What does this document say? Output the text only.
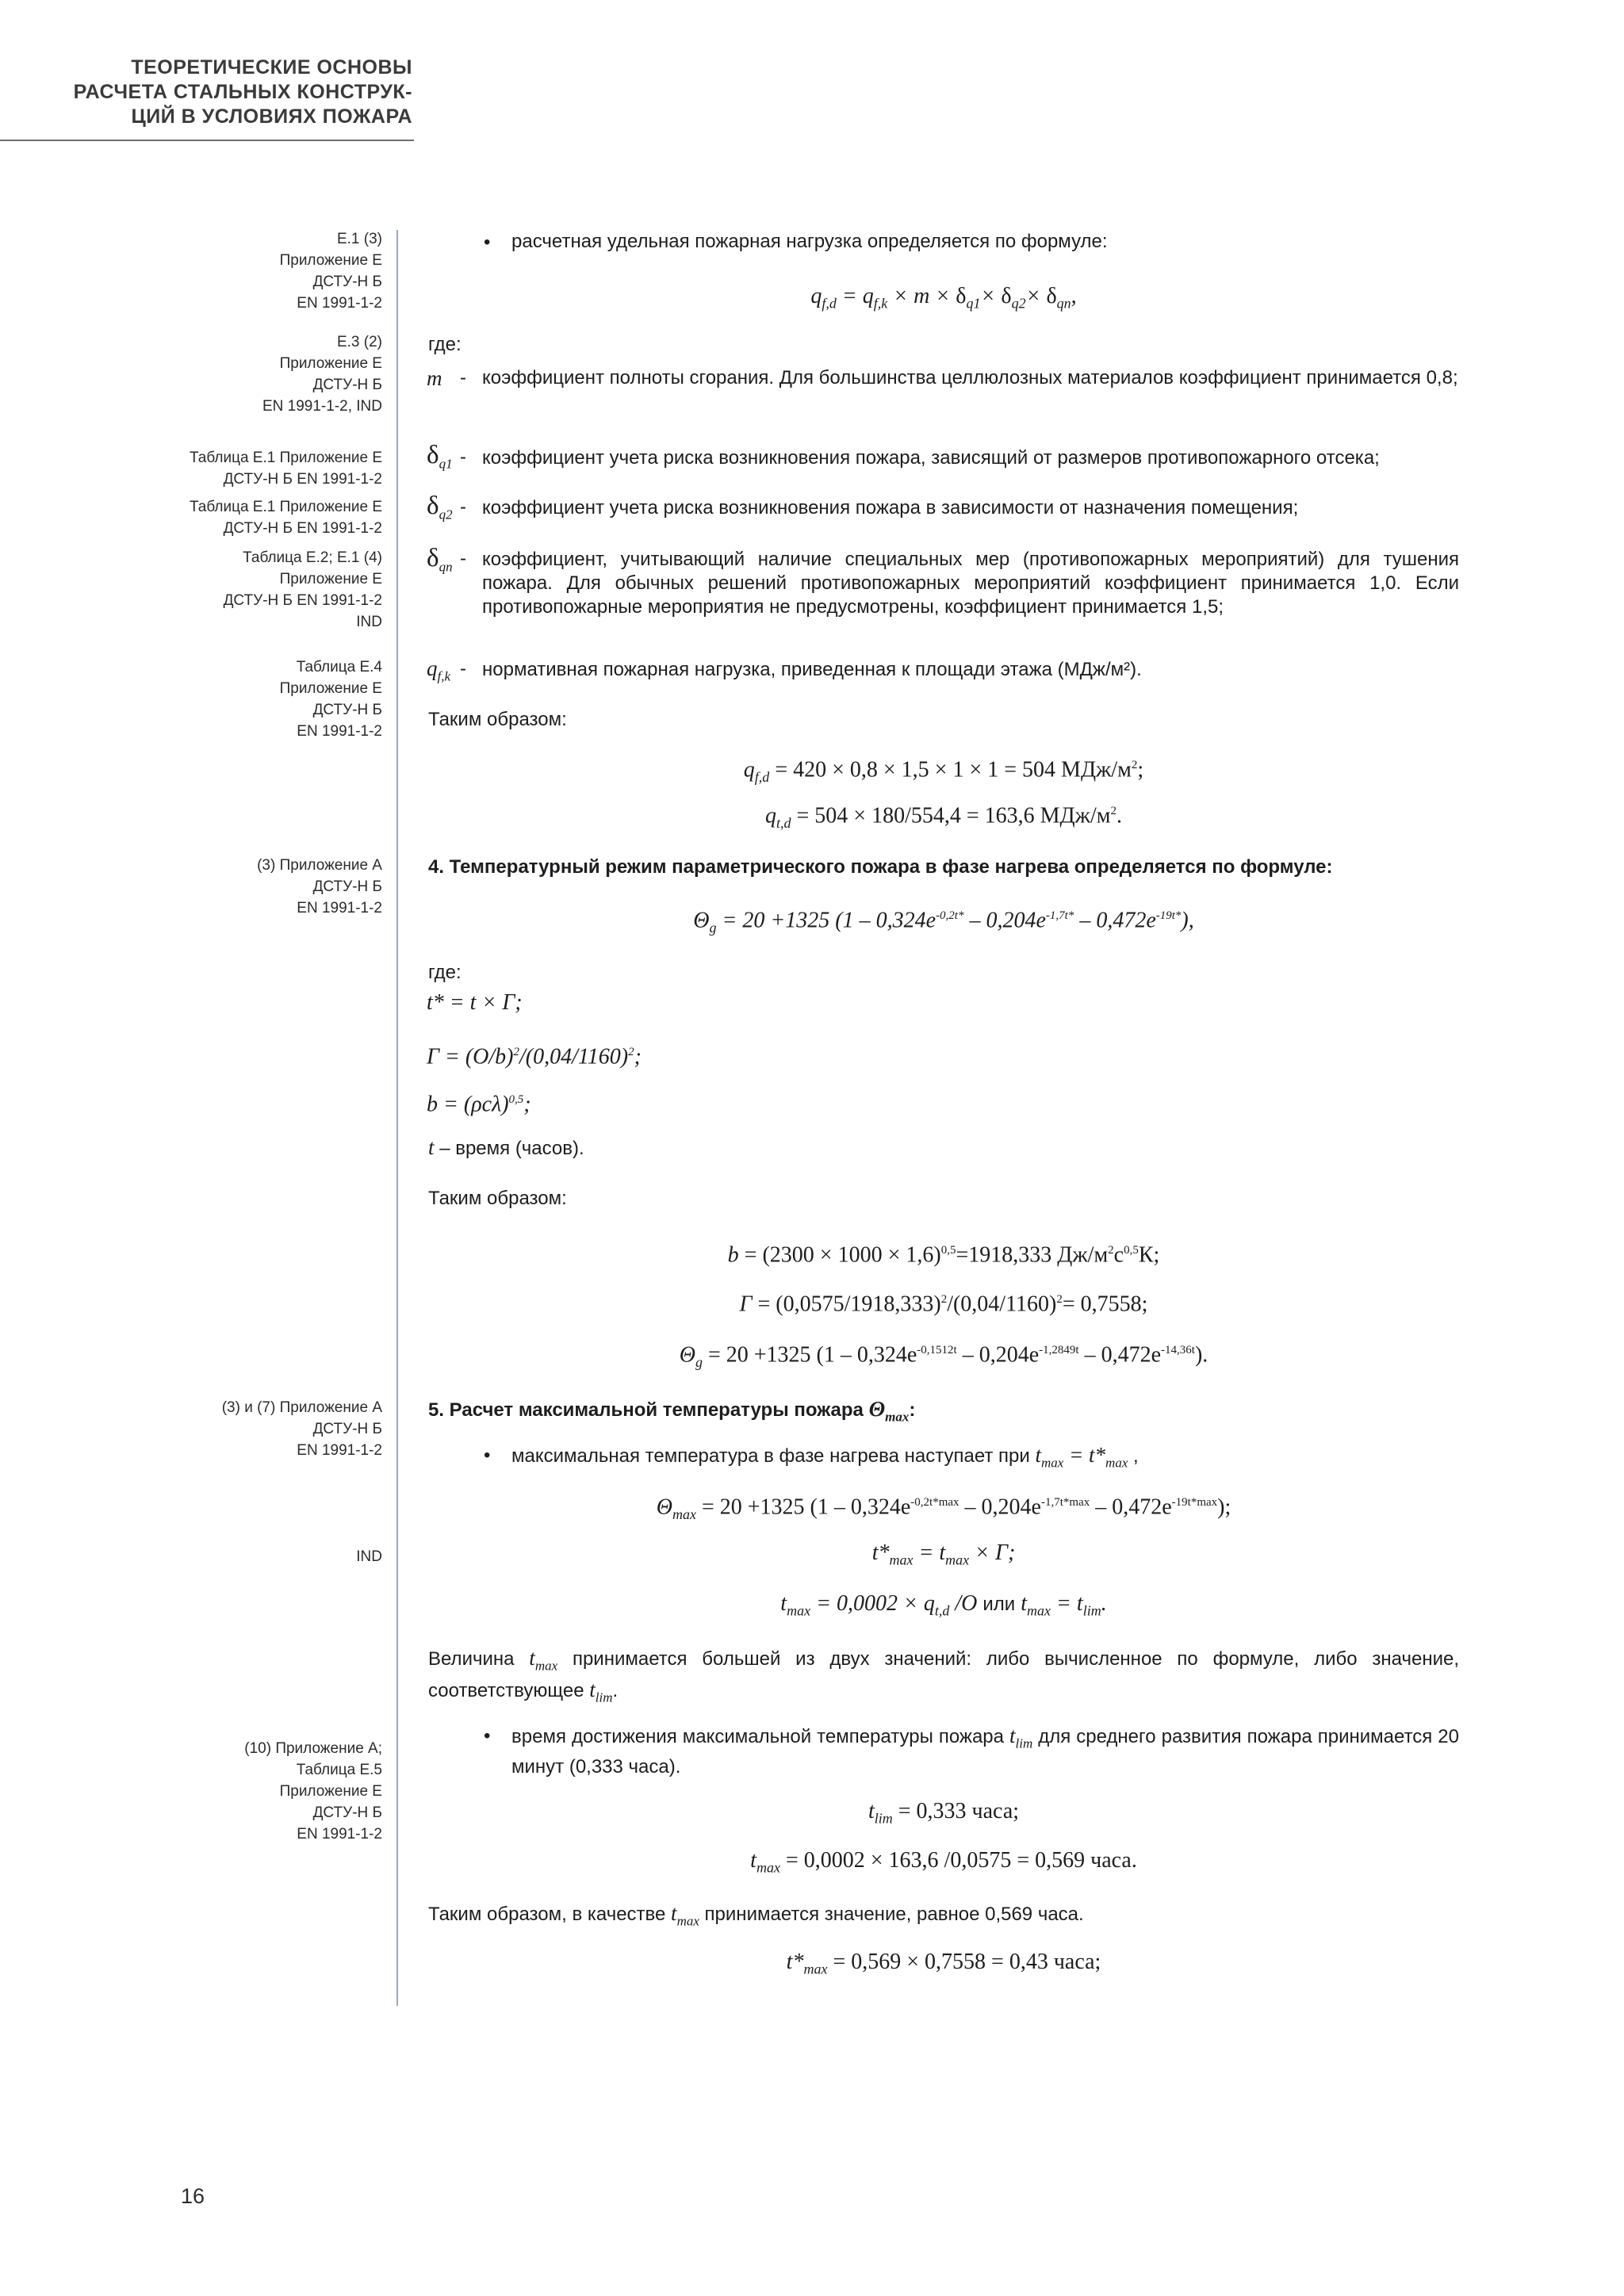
ТЕОРЕТИЧЕСКИЕ ОСНОВЫ
РАСЧЕТА СТАЛЬНЫХ КОНСТРУК-
ЦИЙ В УСЛОВИЯХ ПОЖАРА
Е.1 (3)
Приложение Е
ДСТУ-Н Б
EN 1991-1-2
Е.3 (2)
Приложение Е
ДСТУ-Н Б
EN 1991-1-2, IND
Таблица Е.1 Приложение Е
ДСТУ-Н Б EN 1991-1-2
Таблица Е.1 Приложение Е
ДСТУ-Н Б EN 1991-1-2
Таблица Е.2; Е.1 (4)
Приложение Е
ДСТУ-Н Б EN 1991-1-2
IND
Таблица Е.4
Приложение Е
ДСТУ-Н Б
EN 1991-1-2
(3) Приложение А
ДСТУ-Н Б
EN 1991-1-2
(3) и (7) Приложение А
ДСТУ-Н Б
EN 1991-1-2
IND
(10) Приложение А;
Таблица Е.5
Приложение Е
ДСТУ-Н Б
EN 1991-1-2
• расчетная удельная пожарная нагрузка определяется по формуле:
$q_{f,d} = q_{f,k} \times m \times \delta_{q1}\times \delta_{q2}\times \delta_{qn}$,
где:
m - коэффициент полноты сгорания. Для большинства целлюлозных материалов коэффициент принимается 0,8;
$\delta_{q1}$ - коэффициент учета риска возникновения пожара, зависящий от размеров противопожарного отсека;
$\delta_{q2}$ - коэффициент учета риска возникновения пожара в зависимости от назначения помещения;
$\delta_{qn}$ - коэффициент, учитывающий наличие специальных мер (противопожарных мероприятий) для тушения пожара. Для обычных решений противопожарных мероприятий коэффициент принимается 1,0. Если противопожарные мероприятия не предусмотрены, коэффициент принимается 1,5;
$q_{f,k}$ - нормативная пожарная нагрузка, приведенная к площади этажа (МДж/м²).
Таким образом:
$q_{f,d} = 420 \times 0,8 \times 1,5 \times 1 \times 1 = 504$ МДж/$м^2$;
$q_{t,d} = 504 \times 180/554,4 = 163,6$ МДж/$м^2$.
4. Температурный режим параметрического пожара в фазе нагрева определяется по формуле:
$\Theta_g = 20 +1325$ $(1 - 0,324e^{-0,2t*} - 0,204e^{-1,7t*} - 0,472e^{-19t*})$,
где:
t* = t × Г;
$Г = (O/b)^2/(0,04/1160)^2$;
$b = (\rho c\lambda)^{0,5}$;
t – время (часов).
Таким образом:
$b = (2300 \times 1000 \times 1,6)^{0,5}=1918,333$ $Дж/м^2с^{0,5}К$;
$Г = (0,0575/1918,333)^2/(0,04/1160)^2= 0,7558$;
$\Theta_g = 20 +1325$ $(1 - 0,324e^{-0,1512t} - 0,204e^{-1,2849t} - 0,472e^{-14,36t})$.
5. Расчет максимальной температуры пожара $\Theta_{max}$:
• максимальная температура в фазе нагрева наступает при $t_{max} = t*_{max}$ ,
$\Theta_{max} = 20 +1325$ $(1 - 0,324e^{-0,2t*max} - 0,204e^{-1,7t*max} - 0,472e^{-19t*max})$;
$t*_{max} = t_{max} \times Г$;
$t_{max} = 0,0002 \times q_{t,d}$ /O или $t_{max} = t_{lim}$.
Величина $t_{max}$ принимается большей из двух значений: либо вычисленное по формуле, либо значение, соответствующее $t_{lim}$.
• время достижения максимальной температуры пожара $t_{lim}$ для среднего развития пожара принимается 20 минут (0,333 часа).
$t_{lim} = 0,333$ часа;
$t_{max} = 0,0002 \times 163,6$ /0,0575 = 0,569 часа.
Таким образом, в качестве $t_{max}$ принимается значение, равное 0,569 часа.
$t*_{max} = 0,569 \times 0,7558 = 0,43$ часа;
16
